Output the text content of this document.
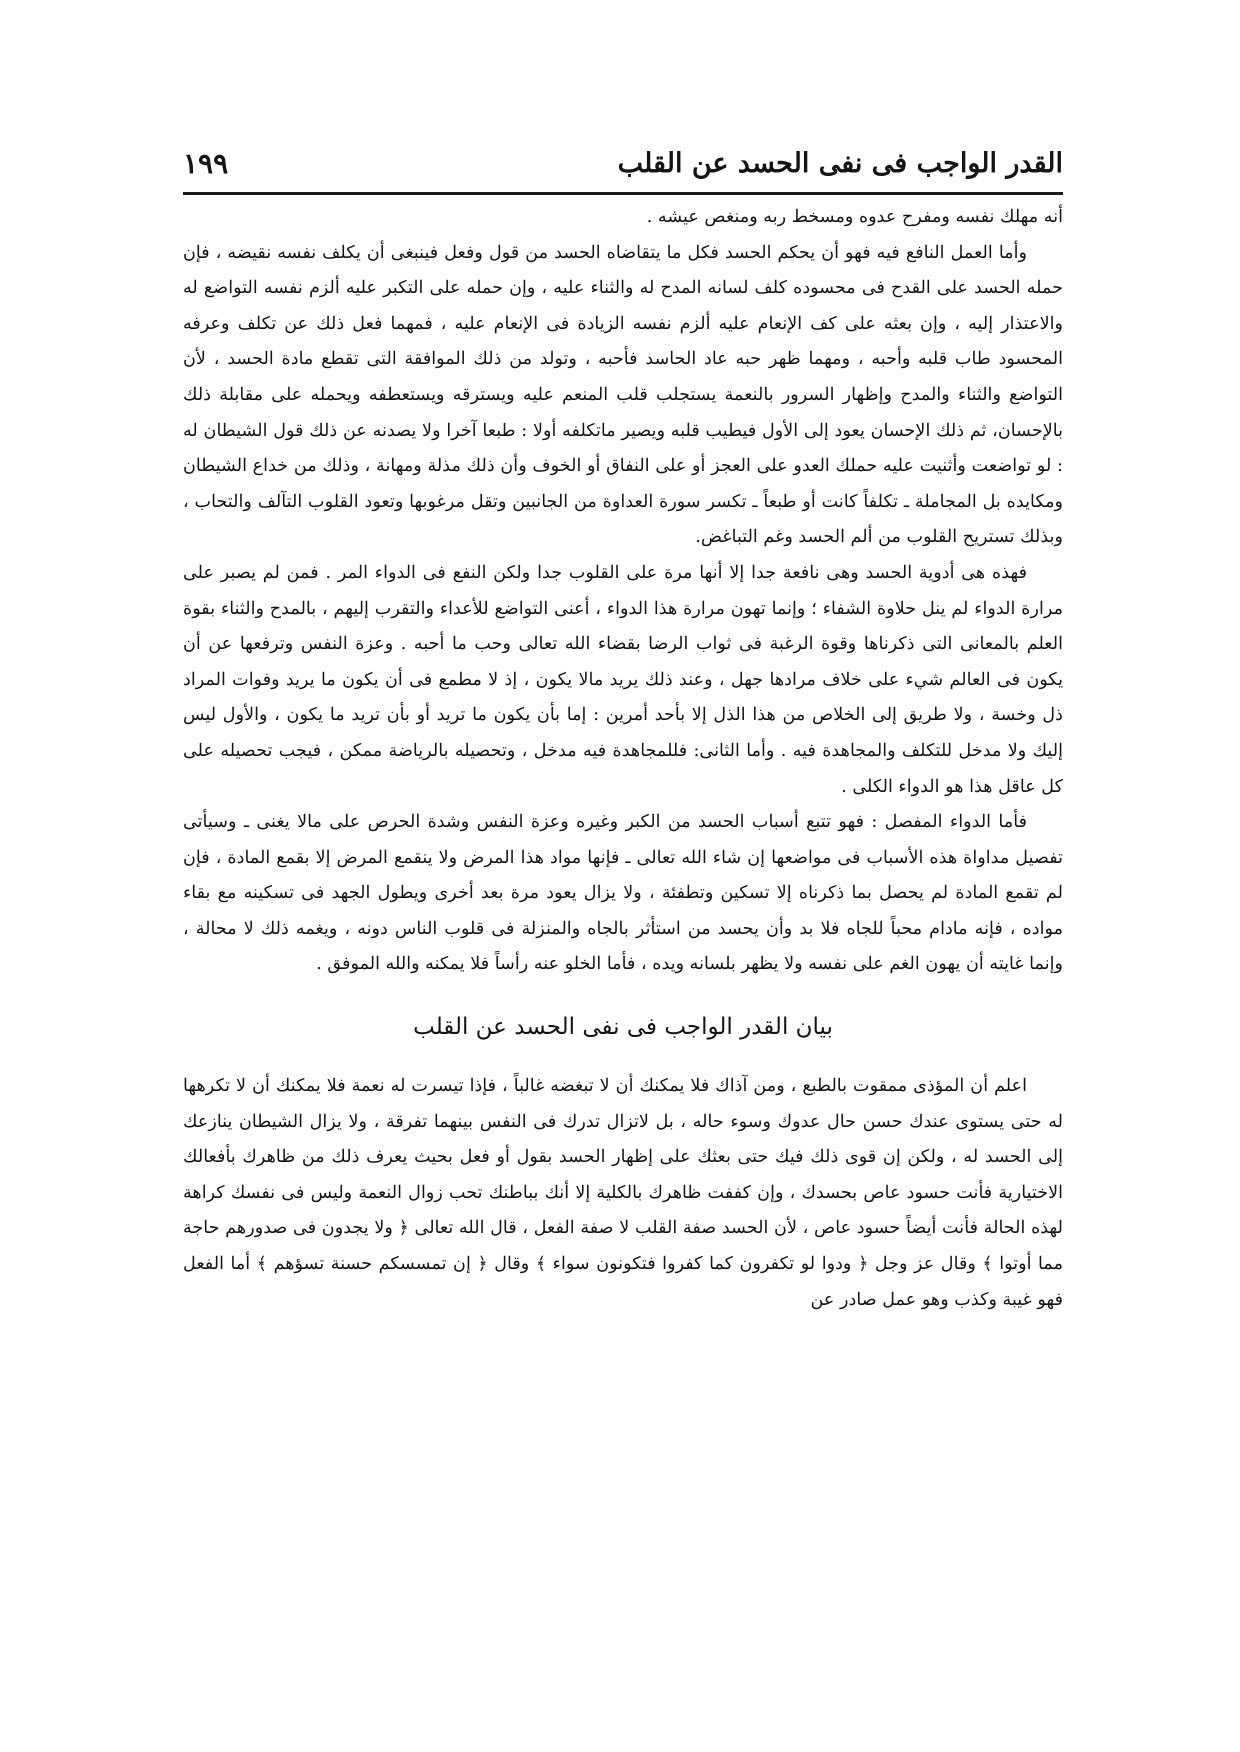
القدر الواجب فى نفى الحسد عن القلب
١٩٩

أنه مهلك نفسه ومفرح عدوه ومسخط ربه ومنغص عيشه .

وأما العمل النافع فيه فهو أن يحكم الحسد فكل ما يتقاضاه الحسد من قول وفعل فينبغى أن يكلف نفسه نقيضه ، فإن حمله الحسد على القدح فى محسوده كلف لسانه المدح له والثناء عليه ، وإن حمله على التكبر عليه ألزم نفسه التواضع له والاعتذار إليه ، وإن بعثه على كف الإنعام عليه ألزم نفسه الزيادة فى الإنعام عليه ، فمهما فعل ذلك عن تكلف وعرفه المحسود طاب قلبه وأحبه ، ومهما ظهر حبه عاد الحاسد فأحبه ، وتولد من ذلك الموافقة التى تقطع مادة الحسد ، لأن التواضع والثناء والمدح وإظهار السرور بالنعمة يستجلب قلب المنعم عليه ويسترقه ويستعطفه ويحمله على مقابلة ذلك بالإحسان، ثم ذلك الإحسان يعود إلى الأول فيطيب قلبه ويصير ماتكلفه أولا : طبعا آخرا ولا يصدنه عن ذلك قول الشيطان له : لو تواضعت وأثنيت عليه حملك العدو على العجز أو على النفاق أو الخوف وأن ذلك مذلة ومهانة ، وذلك من خداع الشيطان ومكايده بل المجاملة ـ تكلفاً كانت أو طبعاً ـ تكسر سورة العداوة من الجانبين وتقل مرغوبها وتعود القلوب التآلف والتحاب ، وبذلك تستريح القلوب من ألم الحسد وغم التباغض.

فهذه هى أدوية الحسد وهى نافعة جدا إلا أنها مرة على القلوب جدا ولكن النفع فى الدواء المر . فمن لم يصبر على مرارة الدواء لم ينل حلاوة الشفاء ؛ وإنما تهون مرارة هذا الدواء ، أعنى التواضع للأعداء والتقرب إليهم ، بالمدح والثناء بقوة العلم بالمعانى التى ذكرناها وقوة الرغبة فى ثواب الرضا بقضاء الله تعالى وحب ما أحبه . وعزة النفس وترفعها عن أن يكون فى العالم شيء على خلاف مرادها جهل ، وعند ذلك يريد مالا يكون ، إذ لا مطمع فى أن يكون ما يريد وفوات المراد ذل وخسة ، ولا طريق إلى الخلاص من هذا الذل إلا بأحد أمرين : إما بأن يكون ما تريد أو بأن تريد ما يكون ، والأول ليس إليك ولا مدخل للتكلف والمجاهدة فيه . وأما الثانى: فللمجاهدة فيه مدخل ، وتحصيله بالرياضة ممكن ، فيجب تحصيله على كل عاقل هذا هو الدواء الكلى .

فأما الدواء المفصل : فهو تتبع أسباب الحسد من الكبر وغيره وعزة النفس وشدة الحرص على مالا يغنى ـ وسيأتى تفصيل مداواة هذه الأسباب فى مواضعها إن شاء الله تعالى ـ فإنها مواد هذا المرض ولا ينقمع المرض إلا بقمع المادة ، فإن لم تقمع المادة لم يحصل بما ذكرناه إلا تسكين وتطفئة ، ولا يزال يعود مرة بعد أخرى ويطول الجهد فى تسكينه مع بقاء مواده ، فإنه مادام محباً للجاه فلا بد وأن يحسد من استأثر بالجاه والمنزلة فى قلوب الناس دونه ، ويغمه ذلك لا محالة ، وإنما غايته أن يهون الغم على نفسه ولا يظهر بلسانه ويده ، فأما الخلو عنه رأساً فلا يمكنه والله الموفق .

بيان القدر الواجب فى نفى الحسد عن القلب

اعلم أن المؤذى ممقوت بالطبع ، ومن آذاك فلا يمكنك أن لا تبغضه غالباً ، فإذا تيسرت له نعمة فلا يمكنك أن لا تكرهها له حتى يستوى عندك حسن حال عدوك وسوء حاله ، بل لاتزال تدرك فى النفس بينهما تفرقة ، ولا يزال الشيطان ينازعك إلى الحسد له ، ولكن إن قوى ذلك فيك حتى بعثك على إظهار الحسد بقول أو فعل بحيث يعرف ذلك من ظاهرك بأفعالك الاختيارية فأنت حسود عاص بحسدك ، وإن كففت ظاهرك بالكلية إلا أنك بباطنك تحب زوال النعمة وليس فى نفسك كراهة لهذه الحالة فأنت أيضاً حسود عاص ، لأن الحسد صفة القلب لا صفة الفعل ، قال الله تعالى ﴿ ولا يجدون فى صدورهم حاجة مما أوتوا ﴾ وقال عز وجل ﴿ ودوا لو تكفرون كما كفروا فتكونون سواء ﴾ وقال ﴿ إن تمسسكم حسنة تسؤهم ﴾ أما الفعل فهو غيبة وكذب وهو عمل صادر عن
